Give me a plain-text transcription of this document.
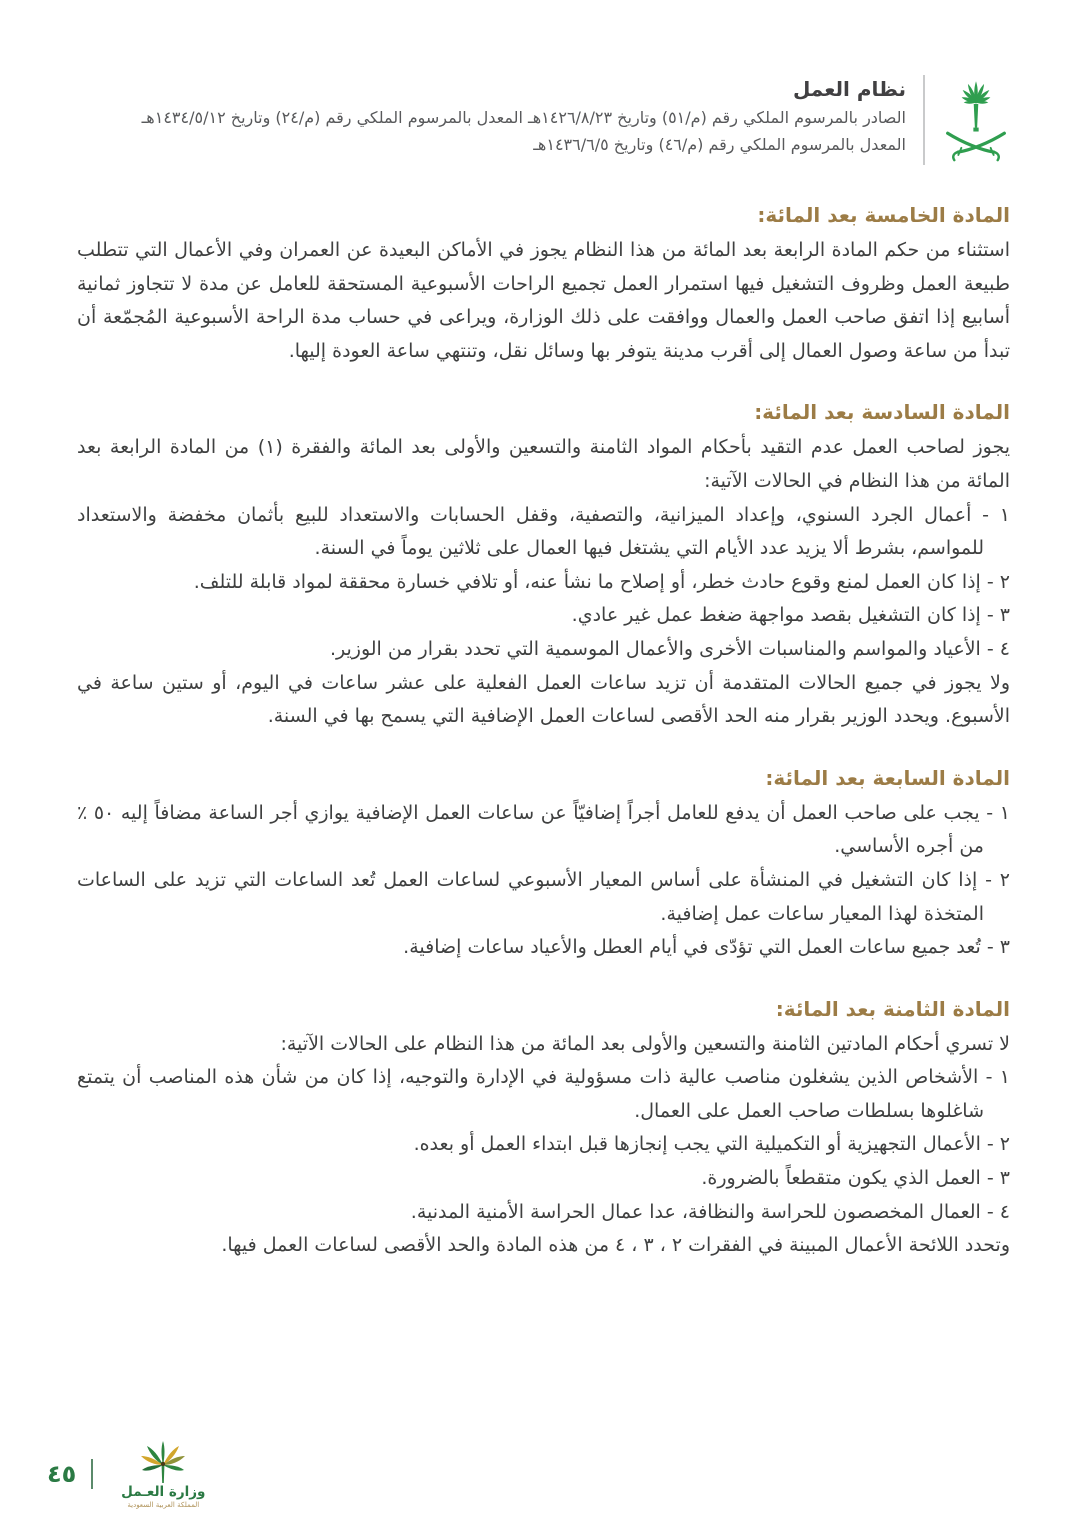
نظام العمل
الصادر بالمرسوم الملكي رقم (م/٥١) وتاريخ ١٤٢٦/٨/٢٣هـ المعدل بالمرسوم الملكي رقم (م/٢٤) وتاريخ ١٤٣٤/٥/١٢هـ
المعدل بالمرسوم الملكي رقم (م/٤٦) وتاريخ ١٤٣٦/٦/٥هـ
المادة الخامسة بعد المائة:

استثناء من حكم المادة الرابعة بعد المائة من هذا النظام يجوز في الأماكن البعيدة عن العمران وفي الأعمال التي تتطلب طبيعة العمل وظروف التشغيل فيها استمرار العمل تجميع الراحات الأسبوعية المستحقة للعامل عن مدة لا تتجاوز ثمانية أسابيع إذا اتفق صاحب العمل والعمال ووافقت على ذلك الوزارة، ويراعى في حساب مدة الراحة الأسبوعية المُجمّعة أن تبدأ من ساعة وصول العمال إلى أقرب مدينة يتوفر بها وسائل نقل، وتنتهي ساعة العودة إليها.

المادة السادسة بعد المائة:

يجوز لصاحب العمل عدم التقيد بأحكام المواد الثامنة والتسعين والأولى بعد المائة والفقرة (١) من المادة الرابعة بعد المائة من هذا النظام في الحالات الآتية:

١ - أعمال الجرد السنوي، وإعداد الميزانية، والتصفية، وقفل الحسابات والاستعداد للبيع بأثمان مخفضة والاستعداد للمواسم، بشرط ألا يزيد عدد الأيام التي يشتغل فيها العمال على ثلاثين يوماً في السنة.

٢ - إذا كان العمل لمنع وقوع حادث خطر، أو إصلاح ما نشأ عنه، أو تلافي خسارة محققة لمواد قابلة للتلف.

٣ - إذا كان التشغيل بقصد مواجهة ضغط عمل غير عادي.

٤ - الأعياد والمواسم والمناسبات الأخرى والأعمال الموسمية التي تحدد بقرار من الوزير.

ولا يجوز في جميع الحالات المتقدمة أن تزيد ساعات العمل الفعلية على عشر ساعات في اليوم، أو ستين ساعة في الأسبوع. ويحدد الوزير بقرار منه الحد الأقصى لساعات العمل الإضافية التي يسمح بها في السنة.

المادة السابعة بعد المائة:

١ - يجب على صاحب العمل أن يدفع للعامل أجراً إضافيّاً عن ساعات العمل الإضافية يوازي أجر الساعة مضافاً إليه ٥٠ ٪ من أجره الأساسي.

٢ - إذا كان التشغيل في المنشأة على أساس المعيار الأسبوعي لساعات العمل تُعد الساعات التي تزيد على الساعات المتخذة لهذا المعيار ساعات عمل إضافية.

٣ - تُعد جميع ساعات العمل التي تؤدّى في أيام العطل والأعياد ساعات إضافية.

المادة الثامنة بعد المائة:

لا تسري أحكام المادتين الثامنة والتسعين والأولى بعد المائة من هذا النظام على الحالات الآتية:

١ - الأشخاص الذين يشغلون مناصب عالية ذات مسؤولية في الإدارة والتوجيه، إذا كان من شأن هذه المناصب أن يتمتع شاغلوها بسلطات صاحب العمل على العمال.

٢ - الأعمال التجهيزية أو التكميلية التي يجب إنجازها قبل ابتداء العمل أو بعده.

٣ - العمل الذي يكون متقطعاً بالضرورة.

٤ - العمال المخصصون للحراسة والنظافة، عدا عمال الحراسة الأمنية المدنية.

وتحدد اللائحة الأعمال المبينة في الفقرات ٢ ، ٣ ، ٤ من هذه المادة والحد الأقصى لساعات العمل فيها.

٤٥
وزارة العـمل
المملكة العربية السعودية
